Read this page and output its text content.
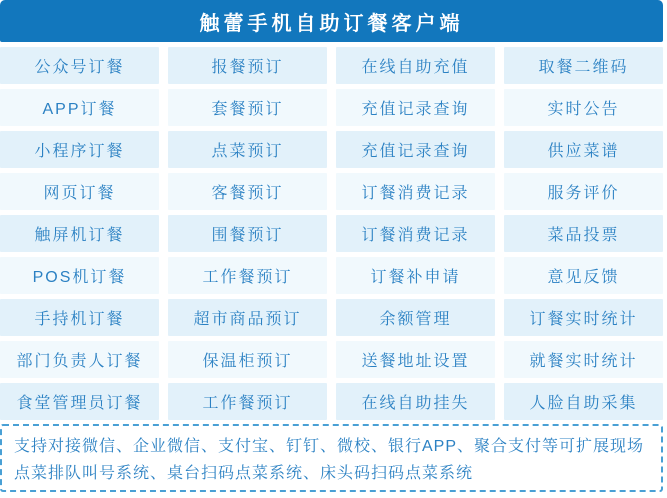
触蕾手机自助订餐客户端
公众号订餐	报餐预订	在线自助充值	取餐二维码
APP订餐	套餐预订	充值记录查询	实时公告
小程序订餐	点菜预订	充值记录查询	供应菜谱
网页订餐	客餐预订	订餐消费记录	服务评价
触屏机订餐	围餐预订	订餐消费记录	菜品投票
POS机订餐	工作餐预订	订餐补申请	意见反馈
手持机订餐	超市商品预订	余额管理	订餐实时统计
部门负责人订餐	保温柜预订	送餐地址设置	就餐实时统计
食堂管理员订餐	工作餐预订	在线自助挂失	人脸自助采集
支持对接微信、企业微信、支付宝、钉钉、微校、银行APP、聚合支付等可扩展现场点菜排队叫号系统、桌台扫码点菜系统、床头码扫码点菜系统
